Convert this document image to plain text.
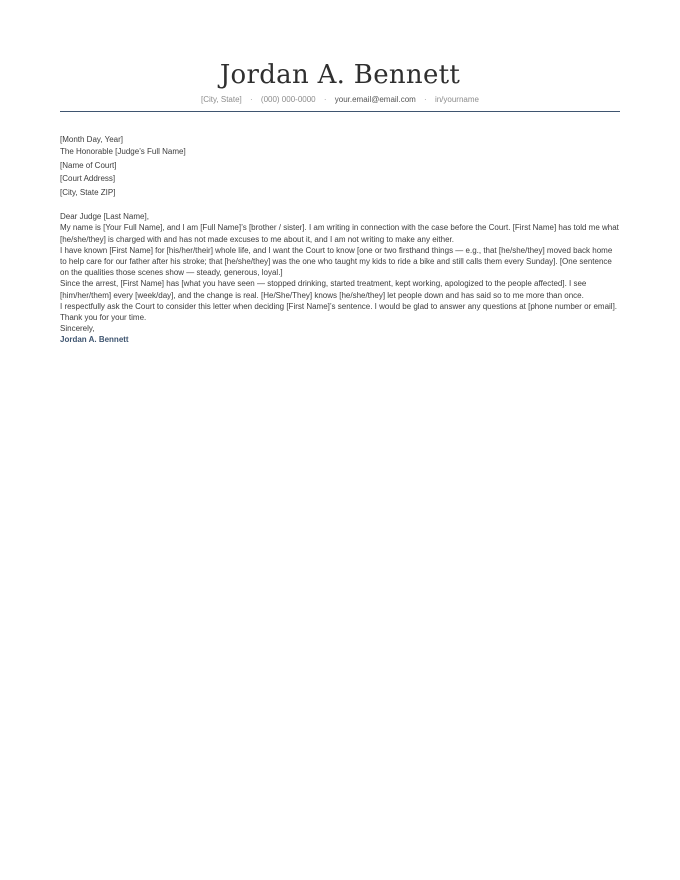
Jordan A. Bennett
[City, State] · (000) 000-0000 · your.email@email.com · in/yourname

[Month Day, Year]

The Honorable [Judge’s Full Name]

[Name of Court]

[Court Address]

[City, State ZIP]

Dear Judge [Last Name],

My name is [Your Full Name], and I am [Full Name]’s [brother / sister]. I am writing in connection with the case before the Court. [First Name] has told me what [he/she/they] is charged with and has not made excuses to me about it, and I am not writing to make any either.

I have known [First Name] for [his/her/their] whole life, and I want the Court to know [one or two firsthand things — e.g., that [he/she/they] moved back home to help care for our father after his stroke; that [he/she/they] was the one who taught my kids to ride a bike and still calls them every Sunday]. [One sentence on the qualities those scenes show — steady, generous, loyal.]

Since the arrest, [First Name] has [what you have seen — stopped drinking, started treatment, kept working, apologized to the people affected]. I see [him/her/them] every [week/day], and the change is real. [He/She/They] knows [he/she/they] let people down and has said so to me more than once.

I respectfully ask the Court to consider this letter when deciding [First Name]’s sentence. I would be glad to answer any questions at [phone number or email]. Thank you for your time.

Sincerely,

Jordan A. Bennett
